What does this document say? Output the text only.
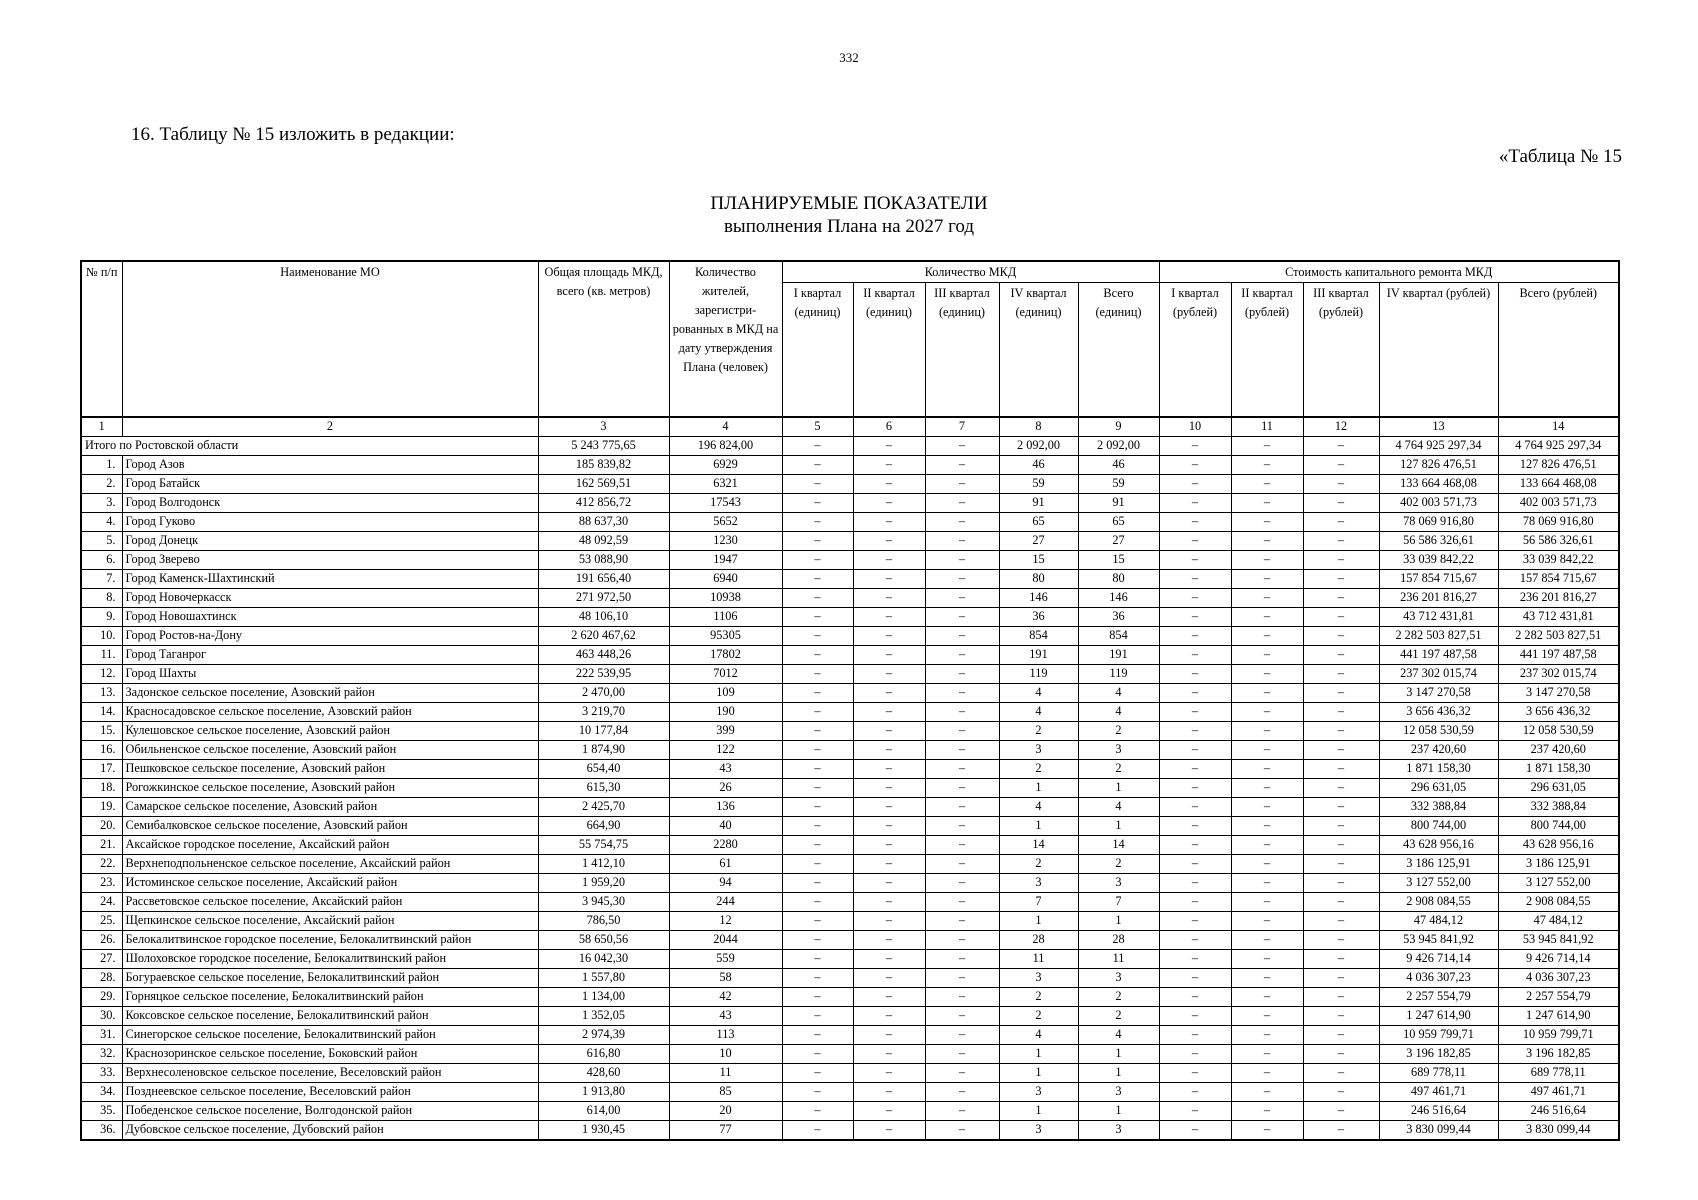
332
16. Таблицу № 15 изложить в редакции:
«Таблица № 15
ПЛАНИРУЕМЫЕ ПОКАЗАТЕЛИ
выполнения Плана на 2027 год
№ п/п	Наименование МО	Общая площадь МКД, всего (кв. метров)	Количество жителей, зарегистри-рованных в МКД на дату утверждения Плана (человек)	Количество МКД					Стоимость капитального ремонта МКД				
				I квартал (единиц)	II квартал (единиц)	III квартал (единиц)	IV квартал (единиц)	Всего (единиц)	I квартал (рублей)	II квартал (рублей)	III квартал (рублей)	IV квартал (рублей)	Всего (рублей)
1	2	3	4	5	6	7	8	9	10	11	12	13	14
Итого по Ростовской области		5 243 775,65	196 824,00	–	–	–	2 092,00	2 092,00	–	–	–	4 764 925 297,34	4 764 925 297,34
1.	Город Азов	185 839,82	6929	–	–	–	46	46	–	–	–	127 826 476,51	127 826 476,51
2.	Город Батайск	162 569,51	6321	–	–	–	59	59	–	–	–	133 664 468,08	133 664 468,08
3.	Город Волгодонск	412 856,72	17543	–	–	–	91	91	–	–	–	402 003 571,73	402 003 571,73
4.	Город Гуково	88 637,30	5652	–	–	–	65	65	–	–	–	78 069 916,80	78 069 916,80
5.	Город Донецк	48 092,59	1230	–	–	–	27	27	–	–	–	56 586 326,61	56 586 326,61
6.	Город Зверево	53 088,90	1947	–	–	–	15	15	–	–	–	33 039 842,22	33 039 842,22
7.	Город Каменск-Шахтинский	191 656,40	6940	–	–	–	80	80	–	–	–	157 854 715,67	157 854 715,67
8.	Город Новочеркасск	271 972,50	10938	–	–	–	146	146	–	–	–	236 201 816,27	236 201 816,27
9.	Город Новошахтинск	48 106,10	1106	–	–	–	36	36	–	–	–	43 712 431,81	43 712 431,81
10.	Город Ростов-на-Дону	2 620 467,62	95305	–	–	–	854	854	–	–	–	2 282 503 827,51	2 282 503 827,51
11.	Город Таганрог	463 448,26	17802	–	–	–	191	191	–	–	–	441 197 487,58	441 197 487,58
12.	Город Шахты	222 539,95	7012	–	–	–	119	119	–	–	–	237 302 015,74	237 302 015,74
13.	Задонское сельское поселение, Азовский район	2 470,00	109	–	–	–	4	4	–	–	–	3 147 270,58	3 147 270,58
14.	Красносадовское сельское поселение, Азовский район	3 219,70	190	–	–	–	4	4	–	–	–	3 656 436,32	3 656 436,32
15.	Кулешовское сельское поселение, Азовский район	10 177,84	399	–	–	–	2	2	–	–	–	12 058 530,59	12 058 530,59
16.	Обильненское сельское поселение, Азовский район	1 874,90	122	–	–	–	3	3	–	–	–	237 420,60	237 420,60
17.	Пешковское сельское поселение, Азовский район	654,40	43	–	–	–	2	2	–	–	–	1 871 158,30	1 871 158,30
18.	Рогожкинское сельское поселение, Азовский район	615,30	26	–	–	–	1	1	–	–	–	296 631,05	296 631,05
19.	Самарское сельское поселение, Азовский район	2 425,70	136	–	–	–	4	4	–	–	–	332 388,84	332 388,84
20.	Семибалковское сельское поселение, Азовский район	664,90	40	–	–	–	1	1	–	–	–	800 744,00	800 744,00
21.	Аксайское городское поселение, Аксайский район	55 754,75	2280	–	–	–	14	14	–	–	–	43 628 956,16	43 628 956,16
22.	Верхнеподпольненское сельское поселение, Аксайский район	1 412,10	61	–	–	–	2	2	–	–	–	3 186 125,91	3 186 125,91
23.	Истоминское сельское поселение, Аксайский район	1 959,20	94	–	–	–	3	3	–	–	–	3 127 552,00	3 127 552,00
24.	Рассветовское сельское поселение, Аксайский район	3 945,30	244	–	–	–	7	7	–	–	–	2 908 084,55	2 908 084,55
25.	Щепкинское сельское поселение, Аксайский район	786,50	12	–	–	–	1	1	–	–	–	47 484,12	47 484,12
26.	Белокалитвинское городское поселение, Белокалитвинский район	58 650,56	2044	–	–	–	28	28	–	–	–	53 945 841,92	53 945 841,92
27.	Шолоховское городское поселение, Белокалитвинский район	16 042,30	559	–	–	–	11	11	–	–	–	9 426 714,14	9 426 714,14
28.	Богураевское сельское поселение, Белокалитвинский район	1 557,80	58	–	–	–	3	3	–	–	–	4 036 307,23	4 036 307,23
29.	Горняцкое сельское поселение, Белокалитвинский район	1 134,00	42	–	–	–	2	2	–	–	–	2 257 554,79	2 257 554,79
30.	Коксовское сельское поселение, Белокалитвинский район	1 352,05	43	–	–	–	2	2	–	–	–	1 247 614,90	1 247 614,90
31.	Синегорское сельское поселение, Белокалитвинский район	2 974,39	113	–	–	–	4	4	–	–	–	10 959 799,71	10 959 799,71
32.	Краснозоринское сельское поселение, Боковский район	616,80	10	–	–	–	1	1	–	–	–	3 196 182,85	3 196 182,85
33.	Верхнесоленовское сельское поселение, Веселовский район	428,60	11	–	–	–	1	1	–	–	–	689 778,11	689 778,11
34.	Позднеевское сельское поселение, Веселовский район	1 913,80	85	–	–	–	3	3	–	–	–	497 461,71	497 461,71
35.	Победенское сельское поселение, Волгодонской район	614,00	20	–	–	–	1	1	–	–	–	246 516,64	246 516,64
36.	Дубовское сельское поселение, Дубовский район	1 930,45	77	–	–	–	3	3	–	–	–	3 830 099,44	3 830 099,44
